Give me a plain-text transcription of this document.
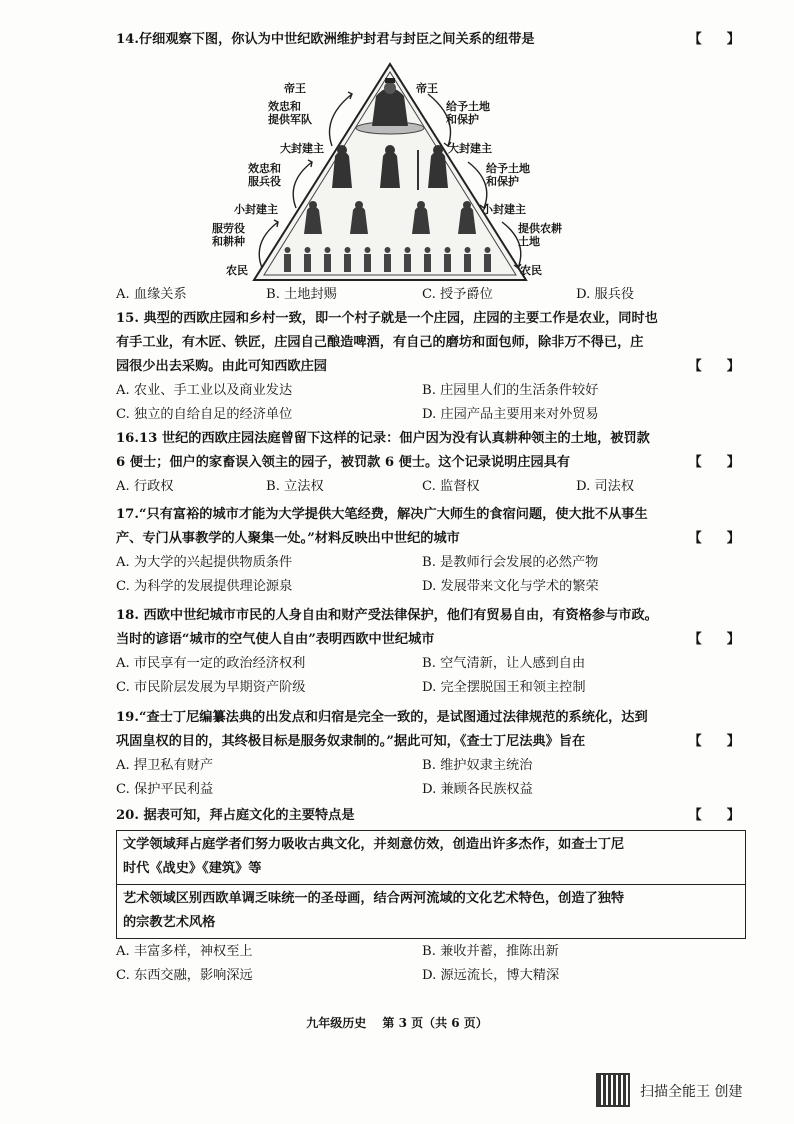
14.仔细观察下图，你认为中世纪欧洲维护封君与封臣之间关系的纽带是	【　】
帝王
效忠和
提供军队
大封建主
效忠和
服兵役
小封建主
服劳役
和耕种
农民
帝王
给予土地
和保护
大封建主
给予土地
和保护
小封建主
提供农耕
土地
农民
A. 血缘关系	B. 土地封赐	C. 授予爵位	D. 服兵役
15. 典型的西欧庄园和乡村一致，即一个村子就是一个庄园，庄园的主要工作是农业，同时也
有手工业，有木匠、铁匠，庄园自己酿造啤酒，有自己的磨坊和面包师，除非万不得已，庄
园很少出去采购。由此可知西欧庄园	【　】
A. 农业、手工业以及商业发达	B. 庄园里人们的生活条件较好
C. 独立的自给自足的经济单位	D. 庄园产品主要用来对外贸易
16.13 世纪的西欧庄园法庭曾留下这样的记录：佃户因为没有认真耕种领主的土地，被罚款
6 便士；佃户的家畜误入领主的园子，被罚款 6 便士。这个记录说明庄园具有	【　】
A. 行政权	B. 立法权	C. 监督权	D. 司法权
17.“只有富裕的城市才能为大学提供大笔经费，解决广大师生的食宿问题，使大批不从事生
产、专门从事教学的人聚集一处。”材料反映出中世纪的城市	【　】
A. 为大学的兴起提供物质条件	B. 是教师行会发展的必然产物
C. 为科学的发展提供理论源泉	D. 发展带来文化与学术的繁荣
18. 西欧中世纪城市市民的人身自由和财产受法律保护，他们有贸易自由，有资格参与市政。
当时的谚语“城市的空气使人自由”表明西欧中世纪城市	【　】
A. 市民享有一定的政治经济权利	B. 空气清新，让人感到自由
C. 市民阶层发展为早期资产阶级	D. 完全摆脱国王和领主控制
19.“查士丁尼编纂法典的出发点和归宿是完全一致的，是试图通过法律规范的系统化，达到
巩固皇权的目的，其终极目标是服务奴隶制的。”据此可知，《查士丁尼法典》旨在	【　】
A. 捍卫私有财产	B. 维护奴隶主统治
C. 保护平民利益	D. 兼顾各民族权益
20. 据表可知，拜占庭文化的主要特点是	【　】
文学领域拜占庭学者们努力吸收古典文化，并刻意仿效，创造出许多杰作，如查士丁尼
时代《战史》《建筑》等
艺术领域区别西欧单调乏味统一的圣母画，结合两河流域的文化艺术特色，创造了独特
的宗教艺术风格
A. 丰富多样，神权至上	B. 兼收并蓄，推陈出新
C. 东西交融，影响深远	D. 源远流长，博大精深
九年级历史 第 3 页（共 6 页）
扫描全能王 创建
